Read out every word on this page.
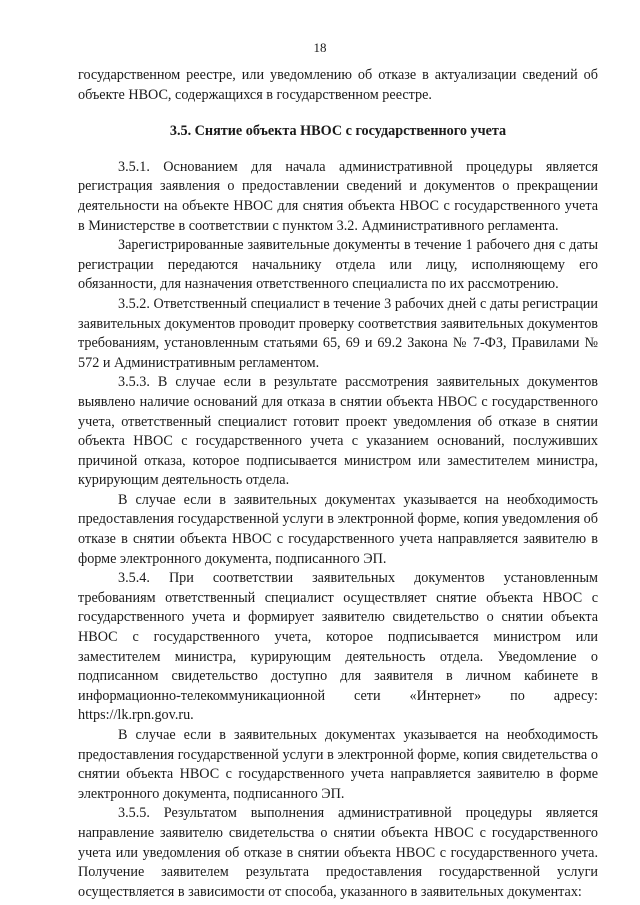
18

государственном реестре, или уведомлению об отказе в актуализации сведений об объекте НВОС, содержащихся в государственном реестре.

3.5. Снятие объекта НВОС с государственного учета

3.5.1. Основанием для начала административной процедуры является регистрация заявления о предоставлении сведений и документов о прекращении деятельности на объекте НВОС для снятия объекта НВОС с государственного учета в Министерстве в соответствии с пунктом 3.2. Административного регламента.

Зарегистрированные заявительные документы в течение 1 рабочего дня с даты регистрации передаются начальнику отдела или лицу, исполняющему его обязанности, для назначения ответственного специалиста по их рассмотрению.

3.5.2. Ответственный специалист в течение 3 рабочих дней с даты регистрации заявительных документов проводит проверку соответствия заявительных документов требованиям, установленным статьями 65, 69 и 69.2 Закона № 7-ФЗ, Правилами № 572 и Административным регламентом.

3.5.3. В случае если в результате рассмотрения заявительных документов выявлено наличие оснований для отказа в снятии объекта НВОС с государственного учета, ответственный специалист готовит проект уведомления об отказе в снятии объекта НВОС с государственного учета с указанием оснований, послуживших причиной отказа, которое подписывается министром или заместителем министра, курирующим деятельность отдела.

В случае если в заявительных документах указывается на необходимость предоставления государственной услуги в электронной форме, копия уведомления об отказе в снятии объекта НВОС с государственного учета направляется заявителю в форме электронного документа, подписанного ЭП.

3.5.4. При соответствии заявительных документов установленным требованиям ответственный специалист осуществляет снятие объекта НВОС с государственного учета и формирует заявителю свидетельство о снятии объекта НВОС с государственного учета, которое подписывается министром или заместителем министра, курирующим деятельность отдела. Уведомление о подписанном свидетельство доступно для заявителя в личном кабинете в информационно-телекоммуникационной сети «Интернет» по адресу: https://lk.rpn.gov.ru.

В случае если в заявительных документах указывается на необходимость предоставления государственной услуги в электронной форме, копия свидетельства о снятии объекта НВОС с государственного учета направляется заявителю в форме электронного документа, подписанного ЭП.

3.5.5. Результатом выполнения административной процедуры является направление заявителю свидетельства о снятии объекта НВОС с государственного учета или уведомления об отказе в снятии объекта НВОС с государственного учета. Получение заявителем результата предоставления государственной услуги осуществляется в зависимости от способа, указанного в заявительных документах:
